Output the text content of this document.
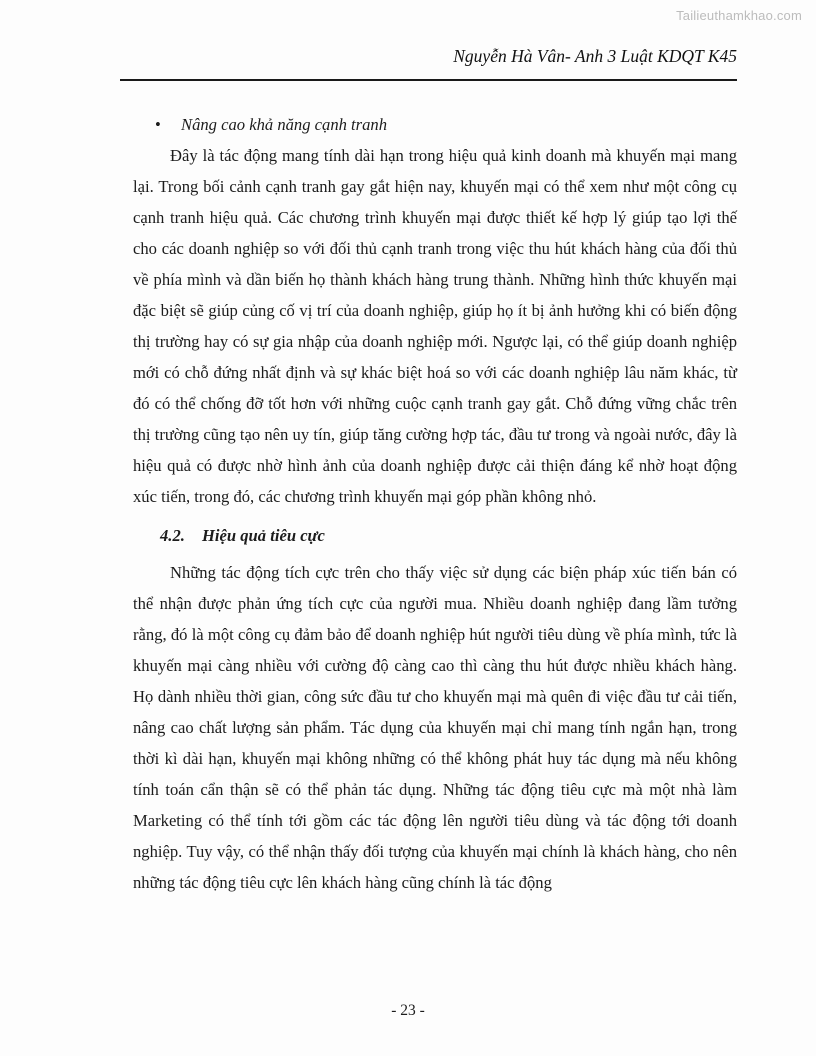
Tailieuthamkhao.com
Nguyễn Hà Vân- Anh 3 Luật KDQT K45
• Nâng cao khả năng cạnh tranh

Đây là tác động mang tính dài hạn trong hiệu quả kinh doanh mà khuyến mại mang lại. Trong bối cảnh cạnh tranh gay gắt hiện nay, khuyến mại có thể xem như một công cụ cạnh tranh hiệu quả. Các chương trình khuyến mại được thiết kế hợp lý giúp tạo lợi thế cho các doanh nghiệp so với đối thủ cạnh tranh trong việc thu hút khách hàng của đối thủ về phía mình và dần biến họ thành khách hàng trung thành. Những hình thức khuyến mại đặc biệt sẽ giúp củng cố vị trí của doanh nghiệp, giúp họ ít bị ảnh hưởng khi có biến động thị trường hay có sự gia nhập của doanh nghiệp mới. Ngược lại, có thể giúp doanh nghiệp mới có chỗ đứng nhất định và sự khác biệt hoá so với các doanh nghiệp lâu năm khác, từ đó có thể chống đỡ tốt hơn với những cuộc cạnh tranh gay gắt. Chỗ đứng vững chắc trên thị trường cũng tạo nên uy tín, giúp tăng cường hợp tác, đầu tư trong và ngoài nước, đây là hiệu quả có được nhờ hình ảnh của doanh nghiệp được cải thiện đáng kể nhờ hoạt động xúc tiến, trong đó, các chương trình khuyến mại góp phần không nhỏ.

4.2. Hiệu quả tiêu cực

Những tác động tích cực trên cho thấy việc sử dụng các biện pháp xúc tiến bán có thể nhận được phản ứng tích cực của người mua. Nhiều doanh nghiệp đang lầm tưởng rằng, đó là một công cụ đảm bảo để doanh nghiệp hút người tiêu dùng về phía mình, tức là khuyến mại càng nhiều với cường độ càng cao thì càng thu hút được nhiều khách hàng. Họ dành nhiều thời gian, công sức đầu tư cho khuyến mại mà quên đi việc đầu tư cải tiến, nâng cao chất lượng sản phẩm. Tác dụng của khuyến mại chỉ mang tính ngắn hạn, trong thời kì dài hạn, khuyến mại không những có thể không phát huy tác dụng mà nếu không tính toán cẩn thận sẽ có thể phản tác dụng. Những tác động tiêu cực mà một nhà làm Marketing có thể tính tới gồm các tác động lên người tiêu dùng và tác động tới doanh nghiệp. Tuy vậy, có thể nhận thấy đối tượng của khuyến mại chính là khách hàng, cho nên những tác động tiêu cực lên khách hàng cũng chính là tác động

- 23 -
